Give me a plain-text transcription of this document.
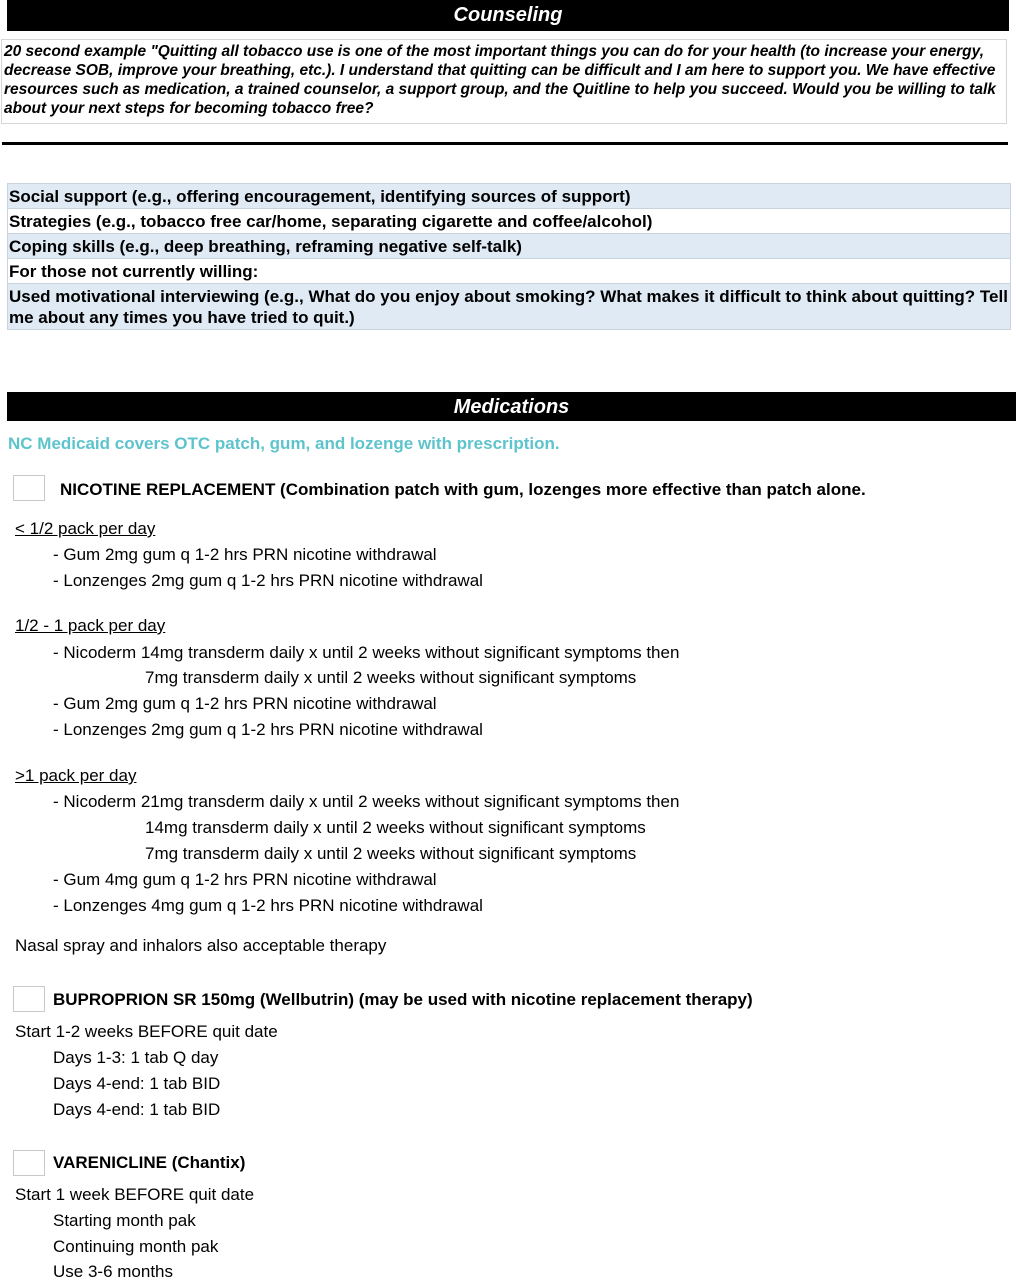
Counseling
20 second example "Quitting all tobacco use is one of the most important things you can do for your health (to increase your energy, decrease SOB, improve your breathing, etc.). I understand that quitting can be difficult and I am here to support you. We have effective resources such as medication, a trained counselor, a support group, and the Quitline to help you succeed. Would you be willing to talk about your next steps for becoming tobacco free?
Social support (e.g., offering encouragement, identifying sources of support)
Strategies (e.g., tobacco free car/home, separating cigarette and coffee/alcohol)
Coping skills (e.g., deep breathing, reframing negative self-talk)
For those not currently willing:
Used motivational interviewing (e.g., What do you enjoy about smoking? What makes it difficult to think about quitting? Tell me about any times you have tried to quit.)
Medications
NC Medicaid covers OTC patch, gum, and lozenge with prescription.
NICOTINE REPLACEMENT (Combination patch with gum, lozenges more effective than patch alone.
< 1/2 pack per day
- Gum 2mg gum q 1-2 hrs PRN nicotine withdrawal
- Lonzenges 2mg gum q 1-2 hrs PRN nicotine withdrawal
1/2 - 1 pack per day
- Nicoderm 14mg transderm daily x until 2 weeks without significant symptoms then
7mg transderm daily x until 2 weeks without significant symptoms
- Gum 2mg gum q 1-2 hrs PRN nicotine withdrawal
- Lonzenges 2mg gum q 1-2 hrs PRN nicotine withdrawal
>1 pack per day
- Nicoderm 21mg transderm daily x until 2 weeks without significant symptoms then
14mg transderm daily x until 2 weeks without significant symptoms
7mg transderm daily x until 2 weeks without significant symptoms
- Gum 4mg gum q 1-2 hrs PRN nicotine withdrawal
- Lonzenges 4mg gum q 1-2 hrs PRN nicotine withdrawal
Nasal spray and inhalors also acceptable therapy
BUPROPRION SR 150mg (Wellbutrin) (may be used with nicotine replacement therapy)
Start 1-2 weeks BEFORE quit date
Days 1-3: 1 tab Q day
Days 4-end: 1 tab BID
Days 4-end: 1 tab BID
VARENICLINE (Chantix)
Start 1 week BEFORE quit date
Starting month pak
Continuing month pak
Use 3-6 months
